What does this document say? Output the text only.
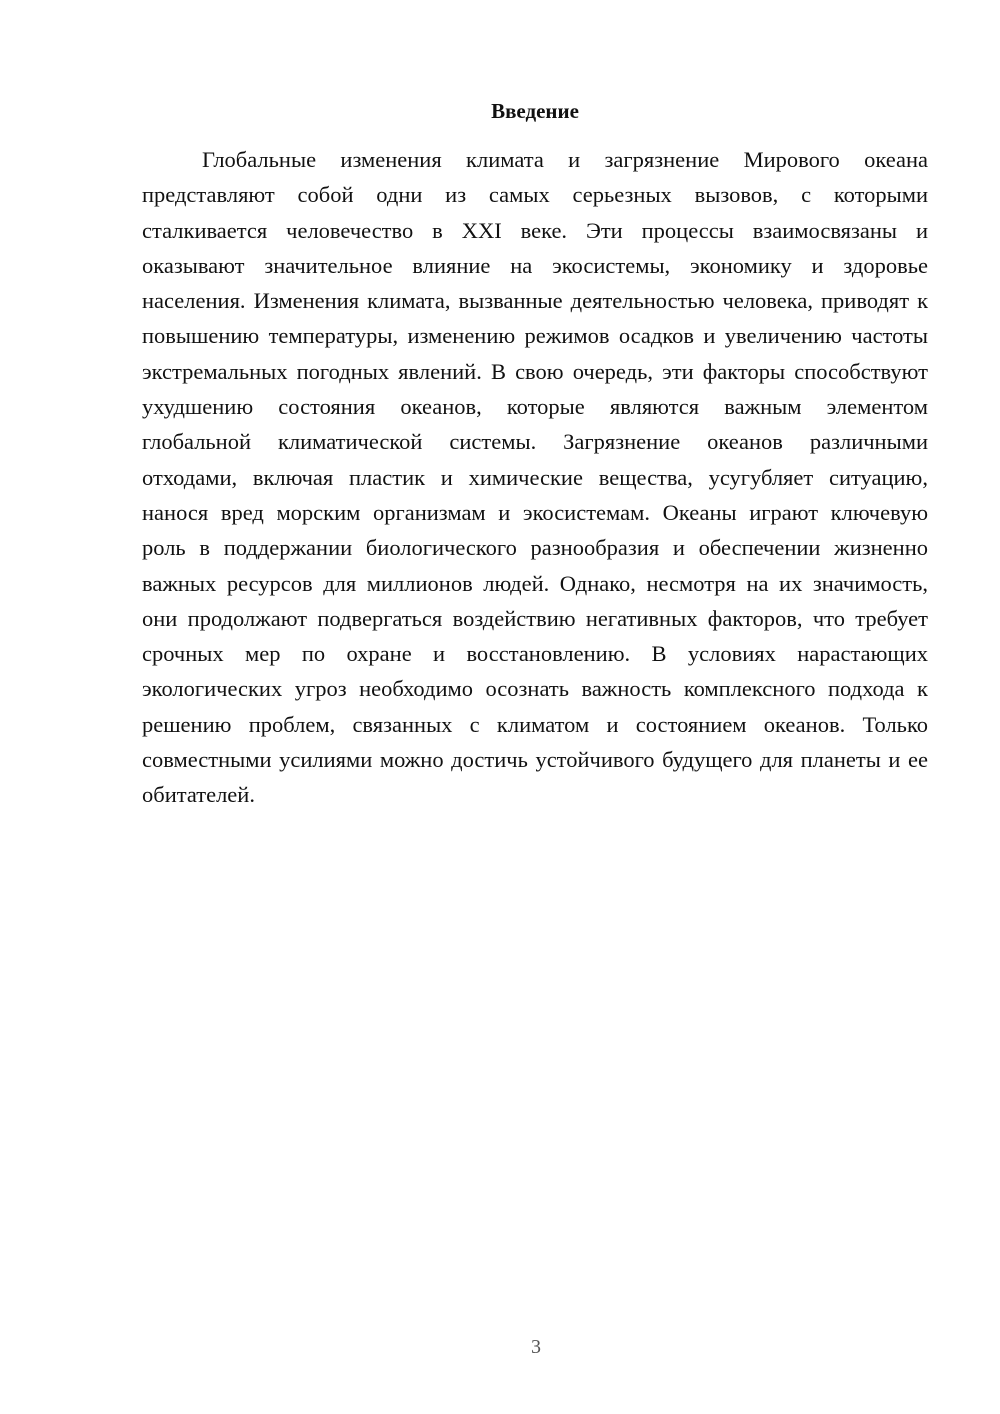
Введение

Глобальные изменения климата и загрязнение Мирового океана представляют собой одни из самых серьезных вызовов, с которыми сталкивается человечество в XXI веке. Эти процессы взаимосвязаны и оказывают значительное влияние на экосистемы, экономику и здоровье населения. Изменения климата, вызванные деятельностью человека, приводят к повышению температуры, изменению режимов осадков и увеличению частоты экстремальных погодных явлений. В свою очередь, эти факторы способствуют ухудшению состояния океанов, которые являются важным элементом глобальной климатической системы. Загрязнение океанов различными отходами, включая пластик и химические вещества, усугубляет ситуацию, нанося вред морским организмам и экосистемам. Океаны играют ключевую роль в поддержании биологического разнообразия и обеспечении жизненно важных ресурсов для миллионов людей. Однако, несмотря на их значимость, они продолжают подвергаться воздействию негативных факторов, что требует срочных мер по охране и восстановлению. В условиях нарастающих экологических угроз необходимо осознать важность комплексного подхода к решению проблем, связанных с климатом и состоянием океанов. Только совместными усилиями можно достичь устойчивого будущего для планеты и ее обитателей.

3
